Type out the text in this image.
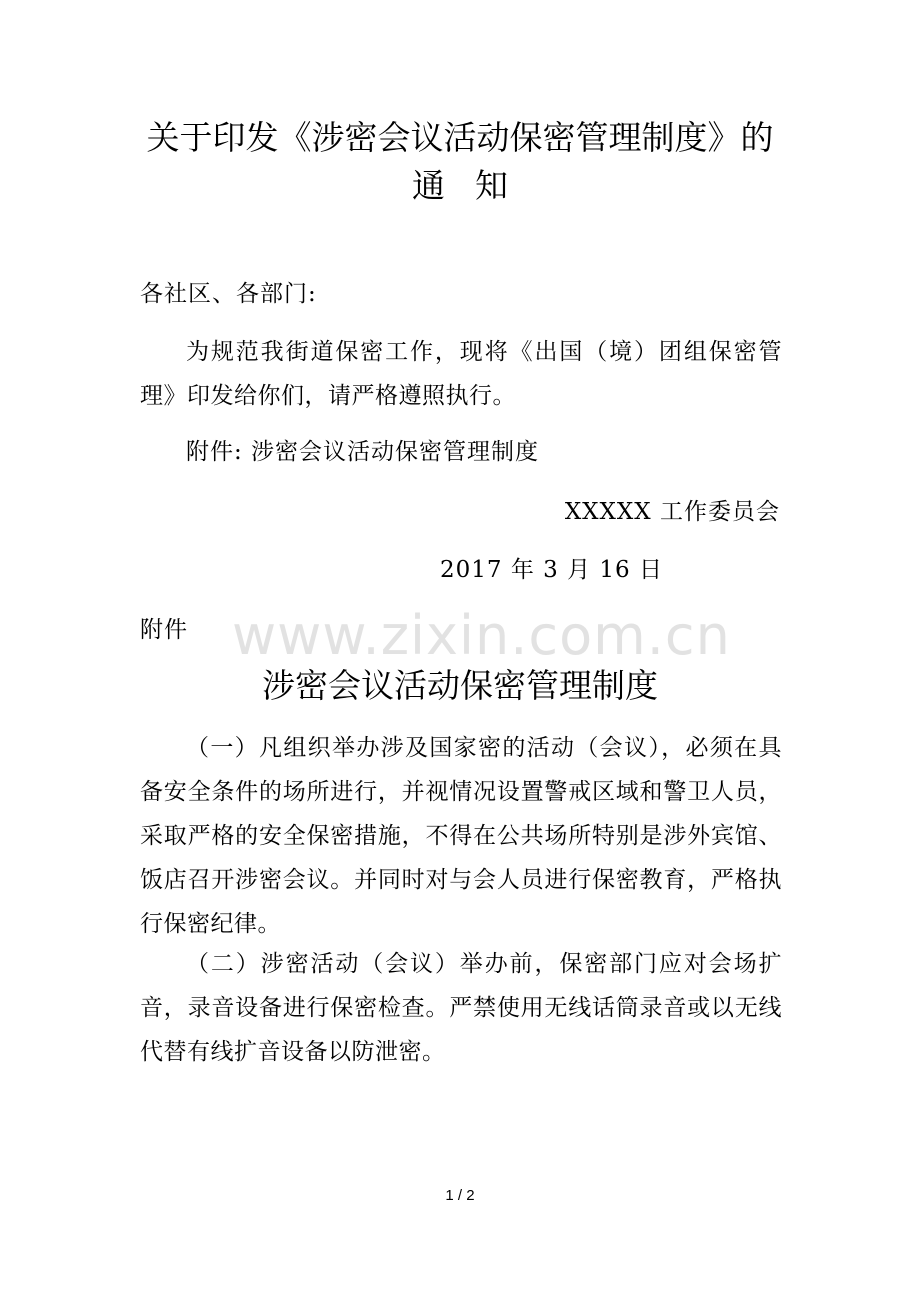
关于印发《涉密会议活动保密管理制度》的
通知
各社区、各部门:
为规范我街道保密工作，现将《出国（境）团组保密管理》印发给你们，请严格遵照执行。
附件: 涉密会议活动保密管理制度
XXXXX 工作委员会
2017 年 3 月 16 日
附件 www.zixin.com.cn
涉密会议活动保密管理制度
（一）凡组织举办涉及国家密的活动（会议），必须在具备安全条件的场所进行，并视情况设置警戒区域和警卫人员，采取严格的安全保密措施，不得在公共场所特别是涉外宾馆、饭店召开涉密会议。并同时对与会人员进行保密教育，严格执行保密纪律。
（二）涉密活动（会议）举办前，保密部门应对会场扩音，录音设备进行保密检查。严禁使用无线话筒录音或以无线代替有线扩音设备以防泄密。
1 / 2
